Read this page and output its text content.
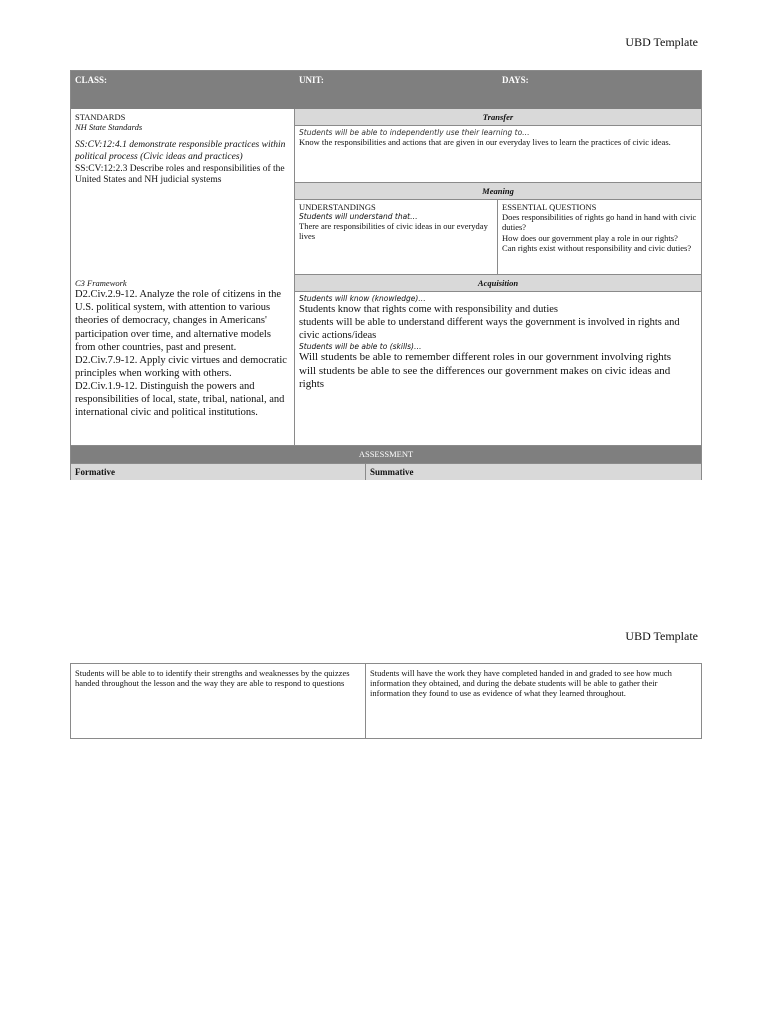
UBD Template
CLASS:	UNIT:	DAYS:
STANDARDS
NH State Standards
SS:CV:12:4.1 demonstrate responsible practices within political process (Civic ideas and practices)
SS:CV:12:2.3 Describe roles and responsibilities of the United States and NH judicial systems
C3 Framework
D2.Civ.2.9-12. Analyze the role of citizens in the U.S. political system, with attention to various theories of democracy, changes in Americans' participation over time, and alternative models from other countries, past and present.
D2.Civ.7.9-12. Apply civic virtues and democratic principles when working with others.
D2.Civ.1.9-12. Distinguish the powers and responsibilities of local, state, tribal, national, and international civic and political institutions.
Transfer
Students will be able to independently use their learning to…
Know the responsibilities and actions that are given in our everyday lives to learn the practices of civic ideas.
Meaning
UNDERSTANDINGS
Students will understand that…
There are responsibilities of civic ideas in our everyday lives
ESSENTIAL QUESTIONS
Does responsibilities of rights go hand in hand with civic duties?
How does our government play a role in our rights?
Can rights exist without responsibility and civic duties?
Acquisition
Students will know (knowledge)…
Students know that rights come with responsibility and duties
students will be able to understand different ways the government is involved in rights and civic actions/ideas
Students will be able to (skills)…
Will students be able to remember different roles in our government involving rights
will students be able to see the differences our government makes on civic ideas and rights
ASSESSMENT
Formative	Summative
UBD Template
Students will be able to to identify their strengths and weaknesses by the quizzes handed throughout the lesson and the way they are able to respond to questions
Students will have the work they have completed handed in and graded to see how much information they obtained, and during the debate students will be able to gather their information they found to use as evidence of what they learned throughout.
